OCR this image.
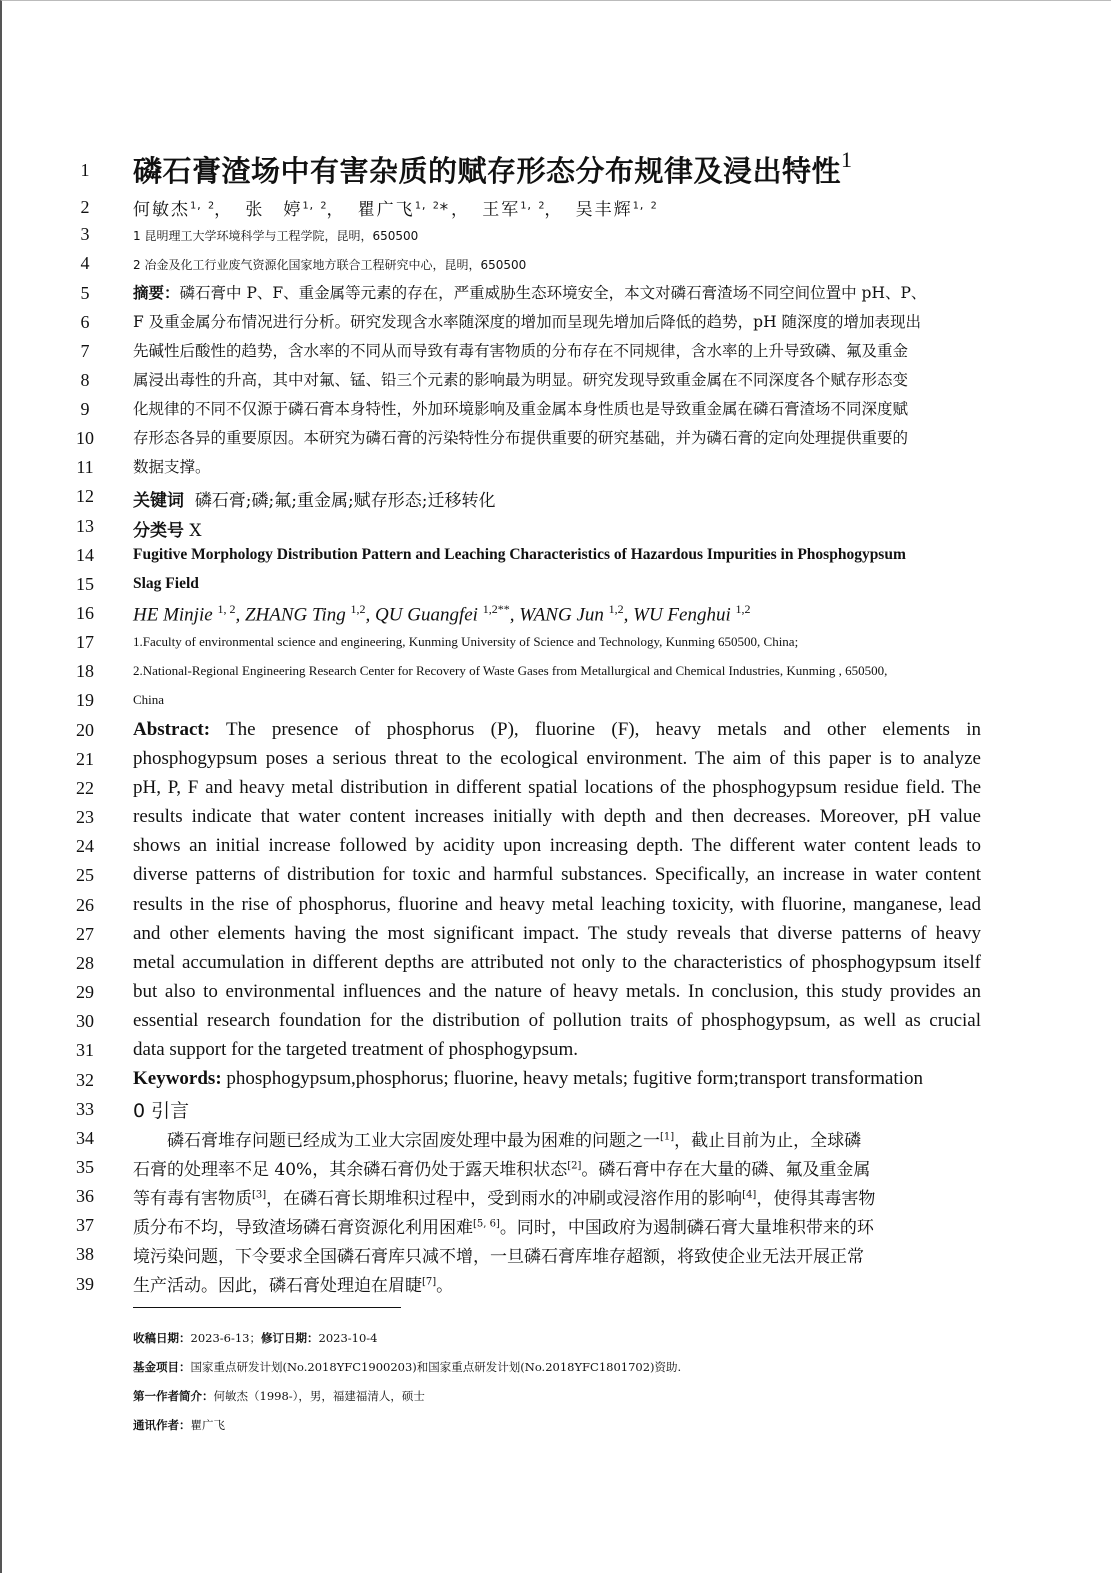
1
2
3
4
5
6
7
8
9
10
11
12
13
14
15
16
17
18
19
20
21
22
23
24
25
26
27
28
29
30
31
32
33
34
35
36
37
38
39
磷石膏渣场中有害杂质的赋存形态分布规律及浸出特性$^1$
何敏杰$^{1, 2}$， 张　婷$^{1, 2}$， 瞿广飞$^{1, 2}$*， 王军$^{1, 2}$， 吴丰辉$^{1, 2}$
1 昆明理工大学环境科学与工程学院，昆明，650500
2 冶金及化工行业废气资源化国家地方联合工程研究中心，昆明，650500
摘要：磷石膏中 P、F、重金属等元素的存在，严重威胁生态环境安全，本文对磷石膏渣场不同空间位置中 pH、P、
F 及重金属分布情况进行分析。研究发现含水率随深度的增加而呈现先增加后降低的趋势，pH 随深度的增加表现出
先碱性后酸性的趋势，含水率的不同从而导致有毒有害物质的分布存在不同规律，含水率的上升导致磷、氟及重金
属浸出毒性的升高，其中对氟、锰、铅三个元素的影响最为明显。研究发现导致重金属在不同深度各个赋存形态变
化规律的不同不仅源于磷石膏本身特性，外加环境影响及重金属本身性质也是导致重金属在磷石膏渣场不同深度赋
存形态各异的重要原因。本研究为磷石膏的污染特性分布提供重要的研究基础，并为磷石膏的定向处理提供重要的
数据支撑。
关键词 磷石膏;磷;氟;重金属;赋存形态;迁移转化
分类号 X
Fugitive Morphology Distribution Pattern and Leaching Characteristics of Hazardous Impurities in Phosphogypsum
Slag Field
HE Minjie $^{1, 2}$, ZHANG Ting $^{1,2}$, QU Guangfei $^{1,2**}$, WANG Jun $^{1,2}$, WU Fenghui $^{1,2}$
1.Faculty of environmental science and engineering, Kunming University of Science and Technology, Kunming 650500, China;
2.National-Regional Engineering Research Center for Recovery of Waste Gases from Metallurgical and Chemical Industries, Kunming , 650500,
China
Abstract: The presence of phosphorus (P), fluorine (F), heavy metals and other elements in
phosphogypsum poses a serious threat to the ecological environment. The aim of this paper is to analyze
pH, P, F and heavy metal distribution in different spatial locations of the phosphogypsum residue field. The
results indicate that water content increases initially with depth and then decreases. Moreover, pH value
shows an initial increase followed by acidity upon increasing depth. The different water content leads to
diverse patterns of distribution for toxic and harmful substances. Specifically, an increase in water content
results in the rise of phosphorus, fluorine and heavy metal leaching toxicity, with fluorine, manganese, lead
and other elements having the most significant impact. The study reveals that diverse patterns of heavy
metal accumulation in different depths are attributed not only to the characteristics of phosphogypsum itself
but also to environmental influences and the nature of heavy metals. In conclusion, this study provides an
essential research foundation for the distribution of pollution traits of phosphogypsum, as well as crucial
data support for the targeted treatment of phosphogypsum.
Keywords: phosphogypsum,phosphorus; fluorine, heavy metals; fugitive form;transport transformation
0 引言
　　磷石膏堆存问题已经成为工业大宗固废处理中最为困难的问题之一[1]，截止目前为止，全球磷
石膏的处理率不足 40%，其余磷石膏仍处于露天堆积状态[2]。磷石膏中存在大量的磷、氟及重金属
等有毒有害物质[3]，在磷石膏长期堆积过程中，受到雨水的冲刷或浸溶作用的影响[4]，使得其毒害物
质分布不均，导致渣场磷石膏资源化利用困难[5, 6]。同时，中国政府为遏制磷石膏大量堆积带来的环
境污染问题，下令要求全国磷石膏库只减不增，一旦磷石膏库堆存超额，将致使企业无法开展正常
生产活动。因此，磷石膏处理迫在眉睫[7]。
收稿日期：2023-6-13；修订日期：2023-10-4
基金项目：国家重点研发计划(No.2018YFC1900203)和国家重点研发计划(No.2018YFC1801702)资助.
第一作者简介：何敏杰（1998-），男，福建福清人，硕士
通讯作者：瞿广飞
